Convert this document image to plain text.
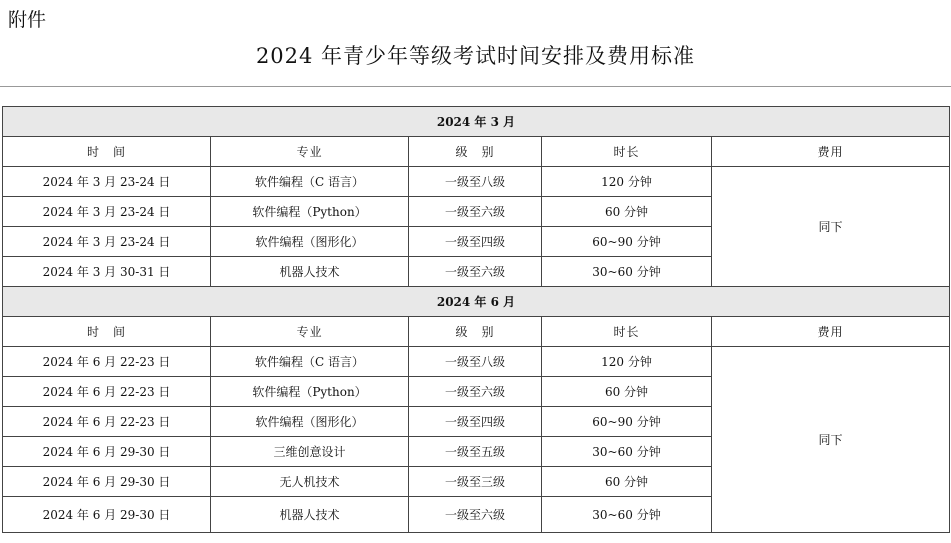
附件
2024 年青少年等级考试时间安排及费用标准
2024 年 3 月				
时　间	专业	级　别	时长	费用
2024 年 3 月 23-24 日	软件编程（C 语言）	一级至八级	120 分钟	同下
2024 年 3 月 23-24 日	软件编程（Python）	一级至六级	60 分钟	
2024 年 3 月 23-24 日	软件编程（图形化）	一级至四级	60~90 分钟	
2024 年 3 月 30-31 日	机器人技术	一级至六级	30~60 分钟	
2024 年 6 月				
时　间	专业	级　别	时长	费用
2024 年 6 月 22-23 日	软件编程（C 语言）	一级至八级	120 分钟	同下
2024 年 6 月 22-23 日	软件编程（Python）	一级至六级	60 分钟	
2024 年 6 月 22-23 日	软件编程（图形化）	一级至四级	60~90 分钟	
2024 年 6 月 29-30 日	三维创意设计	一级至五级	30~60 分钟	
2024 年 6 月 29-30 日	无人机技术	一级至三级	60 分钟	
2024 年 6 月 29-30 日	机器人技术	一级至六级	30~60 分钟	
